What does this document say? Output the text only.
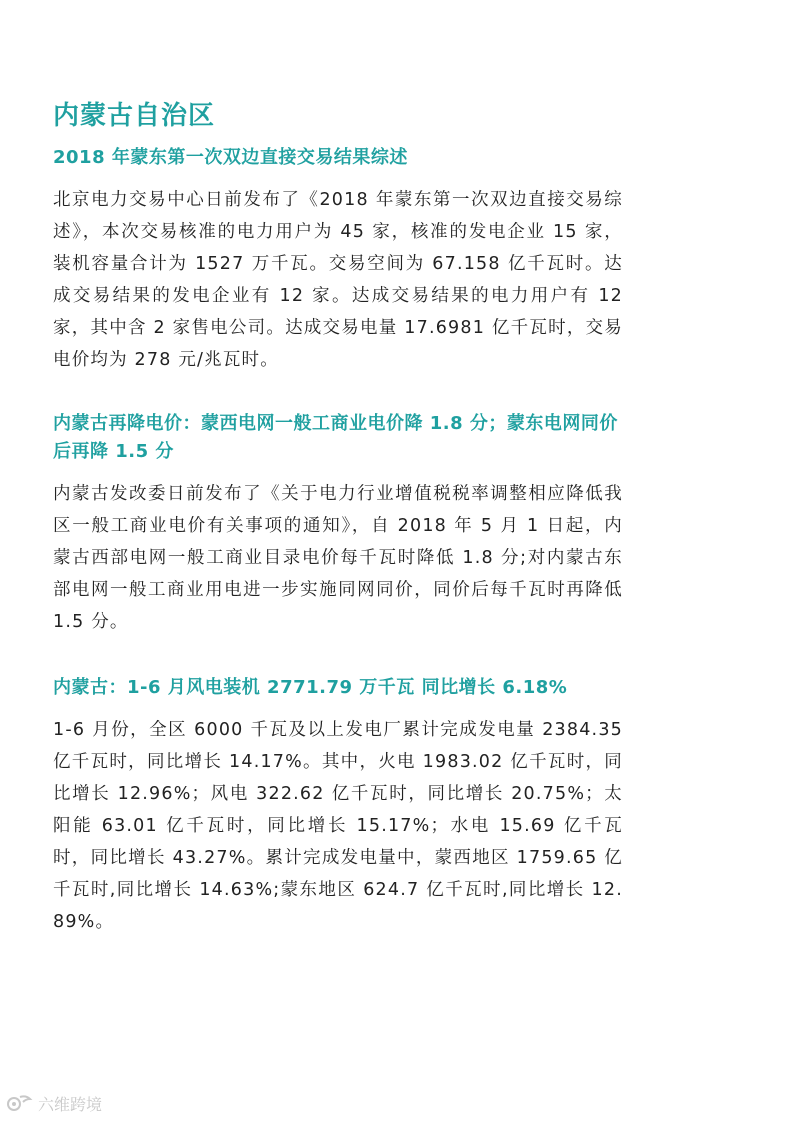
内蒙古自治区
2018 年蒙东第一次双边直接交易结果综述
北京电力交易中心日前发布了《2018 年蒙东第一次双边直接交易综述》，本次交易核准的电力用户为 45 家，核准的发电企业 15 家，装机容量合计为 1527 万千瓦。交易空间为 67.158 亿千瓦时。达成交易结果的发电企业有 12 家。达成交易结果的电力用户有 12 家，其中含 2 家售电公司。达成交易电量 17.6981 亿千瓦时，交易电价均为 278 元/兆瓦时。
内蒙古再降电价：蒙西电网一般工商业电价降 1.8 分；蒙东电网同价后再降 1.5 分
内蒙古发改委日前发布了《关于电力行业增值税税率调整相应降低我区一般工商业电价有关事项的通知》，自 2018 年 5 月 1 日起，内蒙古西部电网一般工商业目录电价每千瓦时降低 1.8 分;对内蒙古东部电网一般工商业用电进一步实施同网同价，同价后每千瓦时再降低 1.5 分。
内蒙古：1-6 月风电装机 2771.79 万千瓦 同比增长 6.18%
1-6 月份，全区 6000 千瓦及以上发电厂累计完成发电量 2384.35 亿千瓦时，同比增长 14.17%。其中，火电 1983.02 亿千瓦时，同比增长 12.96%；风电 322.62 亿千瓦时，同比增长 20.75%；太阳能 63.01 亿千瓦时，同比增长 15.17%；水电 15.69 亿千瓦时，同比增长 43.27%。累计完成发电量中，蒙西地区 1759.65 亿千瓦时,同比增长 14.63%;蒙东地区 624.7 亿千瓦时,同比增长 12.89%。
六维跨境
